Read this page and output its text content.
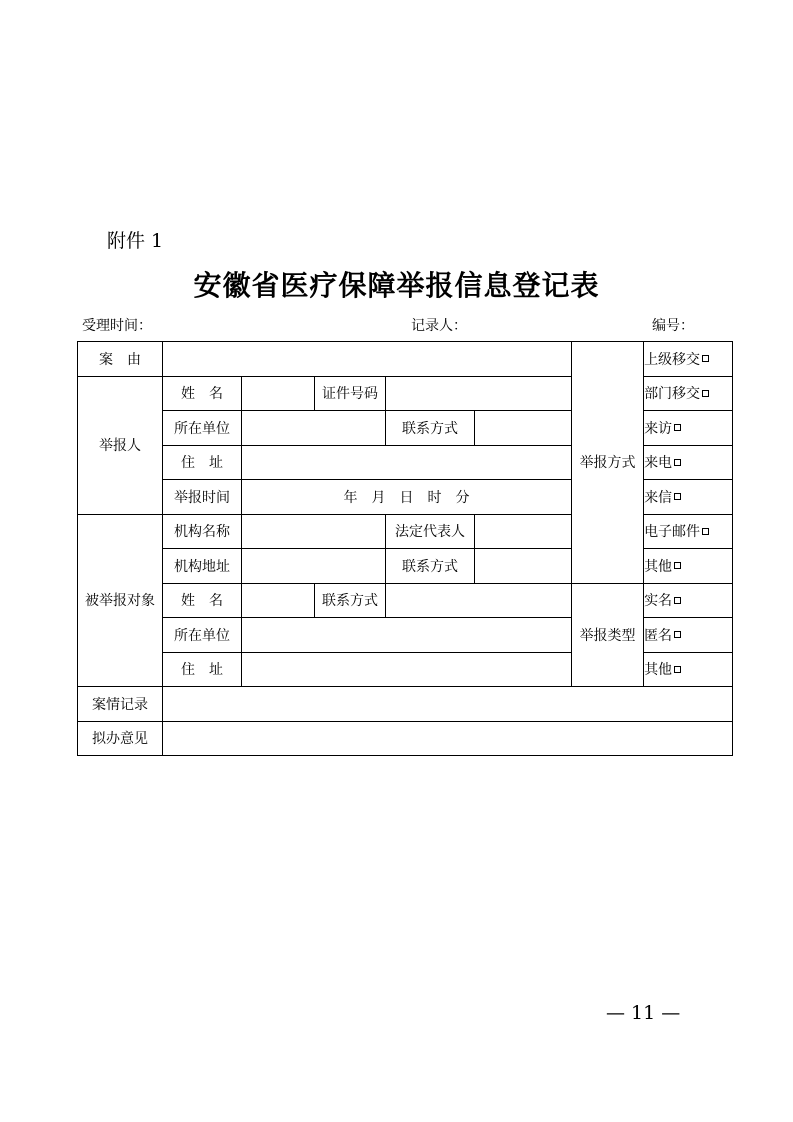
附件 1
安徽省医疗保障举报信息登记表
受理时间：	记录人：	编号：
案　由						举报方式	上级移交
举报人	姓　名		证件号码				部门移交
	所在单位			联系方式			来访
	住　址						来电
	举报时间	年　月　日　时　分					来信
被举报对象	机构名称			法定代表人			电子邮件
	机构地址			联系方式			其他
	姓　名		联系方式			举报类型	实名
	所在单位						匿名
	住　址						其他
案情记录							
拟办意见							
— 11 —
